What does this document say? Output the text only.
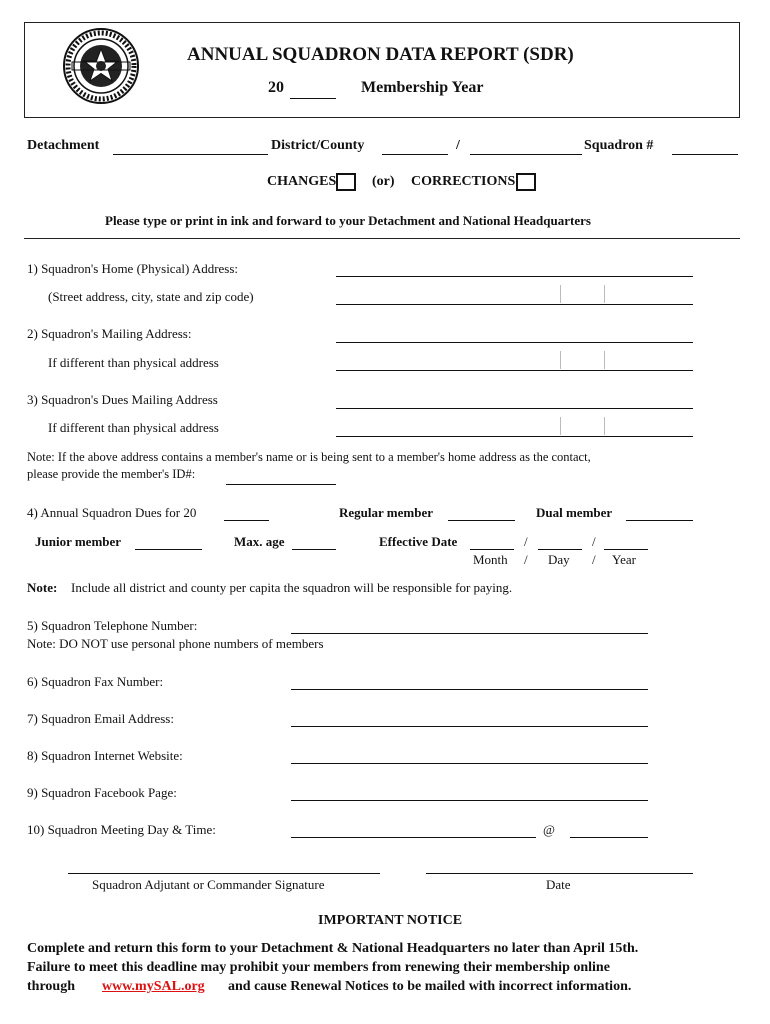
ANNUAL SQUADRON DATA REPORT (SDR)
20	Membership Year
Detachment	District/County	/	Squadron #
CHANGES	(or) CORRECTIONS
Please type or print in ink and forward to your Detachment and National Headquarters
1) Squadron's Home (Physical) Address:
(Street address, city, state and zip code)
2) Squadron's Mailing Address:
If different than physical address
3) Squadron's Dues Mailing Address
If different than physical address
Note: If the above address contains a member's name or is being sent to a member's home address as the contact,
please provide the member's ID#:
4) Annual Squadron Dues for 20	Regular member	Dual member
Junior member	Max. age	Effective Date	/	/
Month / Day / Year
Note: Include all district and county per capita the squadron will be responsible for paying.
5) Squadron Telephone Number:
Note: DO NOT use personal phone numbers of members
6) Squadron Fax Number:
7) Squadron Email Address:
8) Squadron Internet Website:
9) Squadron Facebook Page:
10) Squadron Meeting Day & Time:	@
Squadron Adjutant or Commander Signature	Date
IMPORTANT NOTICE
Complete and return this form to your Detachment & National Headquarters no later than April 15th.
Failure to meet this deadline may prohibit your members from renewing their membership online
through www.mySAL.org and cause Renewal Notices to be mailed with incorrect information.
